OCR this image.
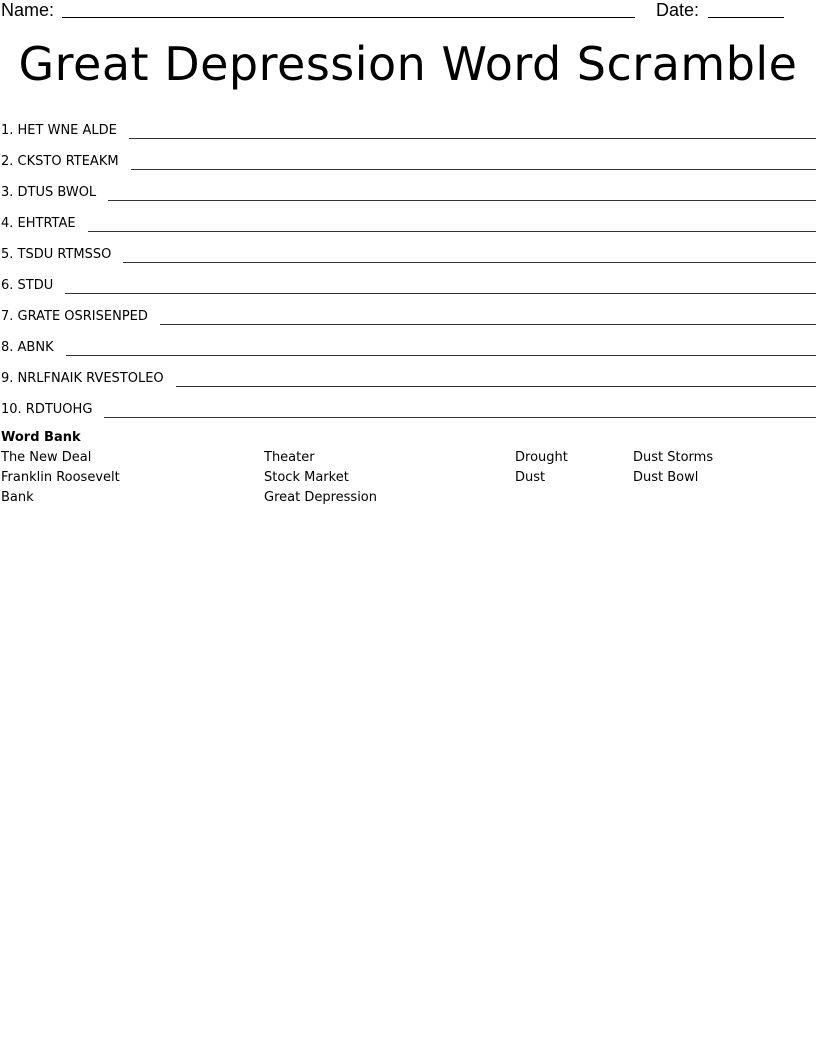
Name:	Date:
Great Depression Word Scramble
1. HET WNE ALDE
2. CKSTO RTEAKM
3. DTUS BWOL
4. EHTRTAE
5. TSDU RTMSSO
6. STDU
7. GRATE OSRISENPED
8. ABNK
9. NRLFNAIK RVESTOLEO
10. RDTUOHG
Word Bank
The New Deal	Theater	Drought	Dust Storms
Franklin Roosevelt	Stock Market	Dust	Dust Bowl
Bank	Great Depression
